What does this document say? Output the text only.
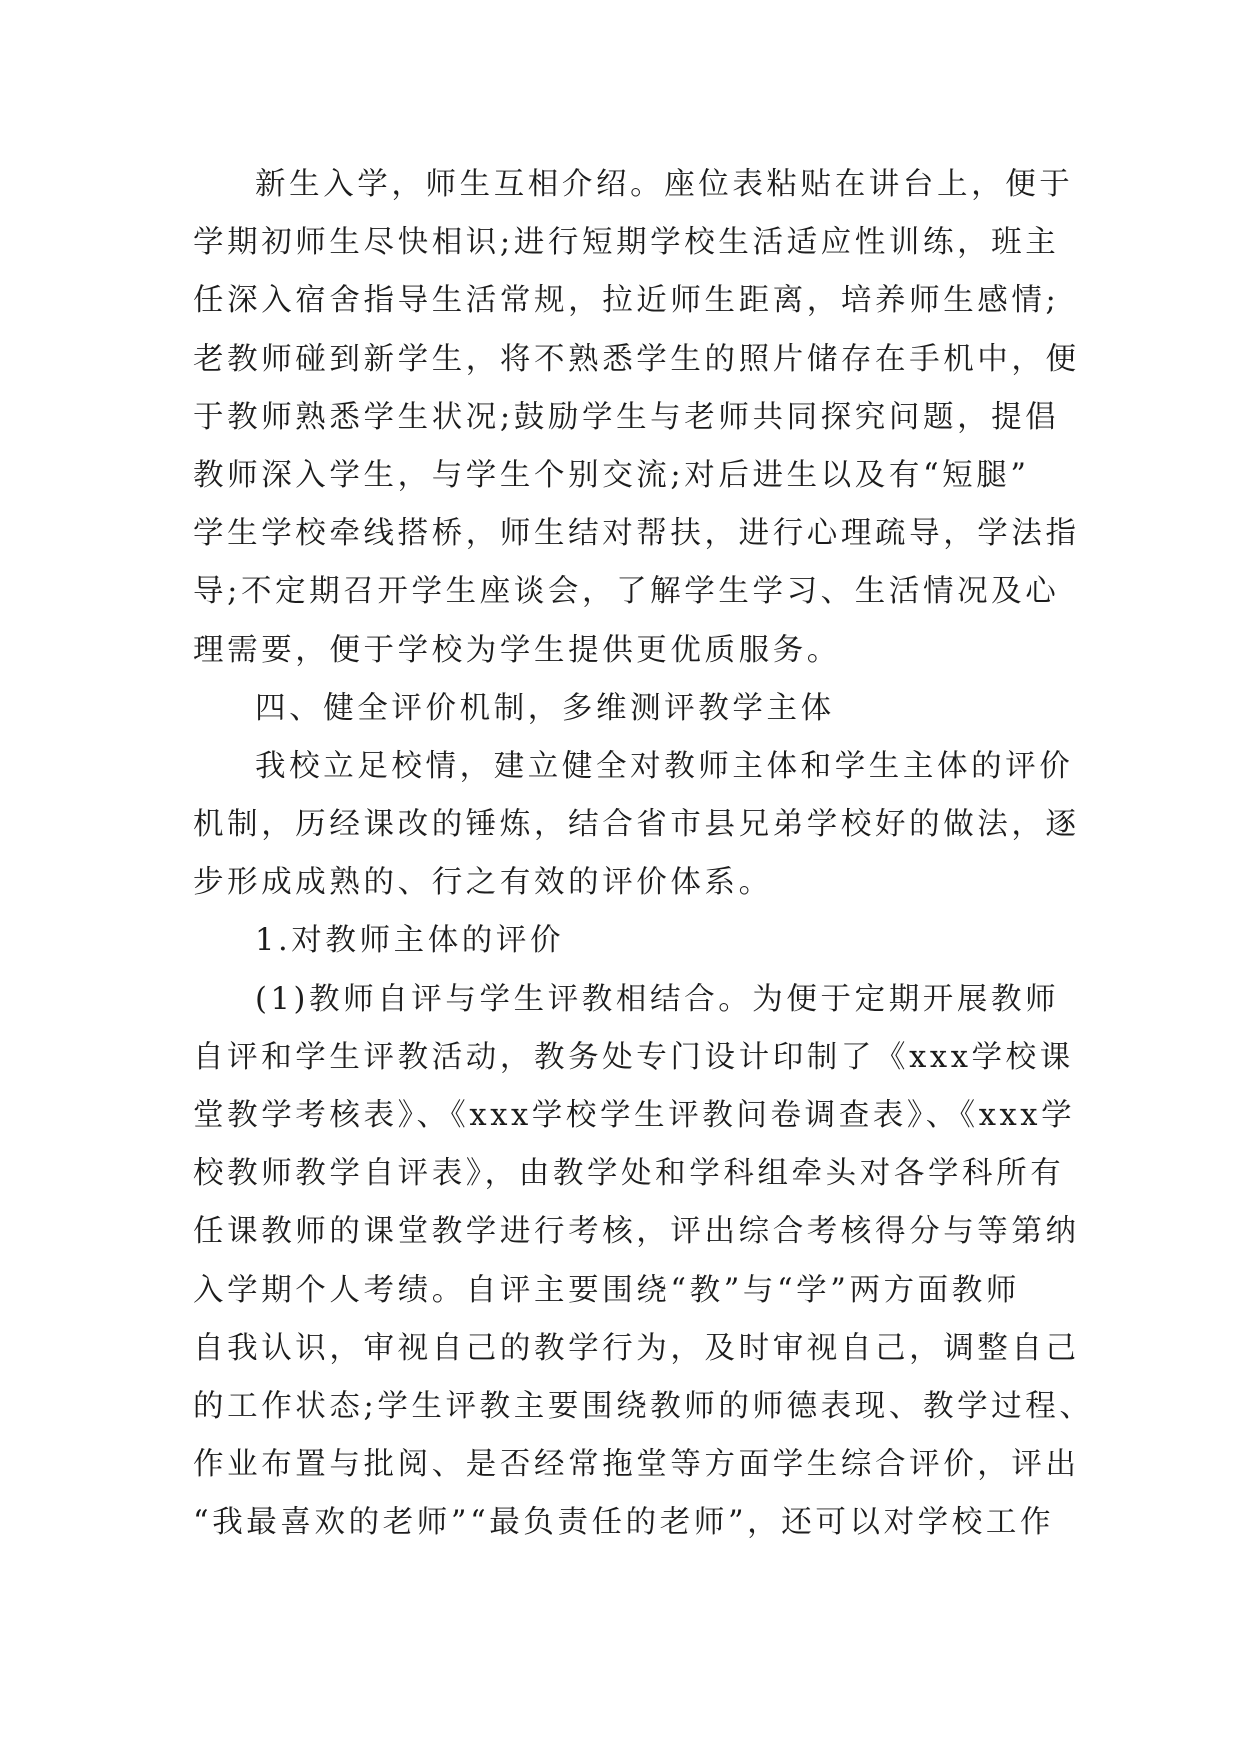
新生入学，师生互相介绍。座位表粘贴在讲台上，便于
学期初师生尽快相识;进行短期学校生活适应性训练，班主
任深入宿舍指导生活常规，拉近师生距离，培养师生感情;
老教师碰到新学生，将不熟悉学生的照片储存在手机中，便
于教师熟悉学生状况;鼓励学生与老师共同探究问题，提倡
教师深入学生，与学生个别交流;对后进生以及有“短腿”
学生学校牵线搭桥，师生结对帮扶，进行心理疏导，学法指
导;不定期召开学生座谈会，了解学生学习、生活情况及心
理需要，便于学校为学生提供更优质服务。
四、健全评价机制，多维测评教学主体
我校立足校情，建立健全对教师主体和学生主体的评价
机制，历经课改的锤炼，结合省市县兄弟学校好的做法，逐
步形成成熟的、行之有效的评价体系。
1.对教师主体的评价
(1)教师自评与学生评教相结合。为便于定期开展教师
自评和学生评教活动，教务处专门设计印制了《xxx学校课
堂教学考核表》、《xxx学校学生评教问卷调查表》、《xxx学
校教师教学自评表》，由教学处和学科组牵头对各学科所有
任课教师的课堂教学进行考核，评出综合考核得分与等第纳
入学期个人考绩。自评主要围绕“教”与“学”两方面教师
自我认识，审视自己的教学行为，及时审视自己，调整自己
的工作状态;学生评教主要围绕教师的师德表现、教学过程、
作业布置与批阅、是否经常拖堂等方面学生综合评价，评出
“我最喜欢的老师”“最负责任的老师”，还可以对学校工作
